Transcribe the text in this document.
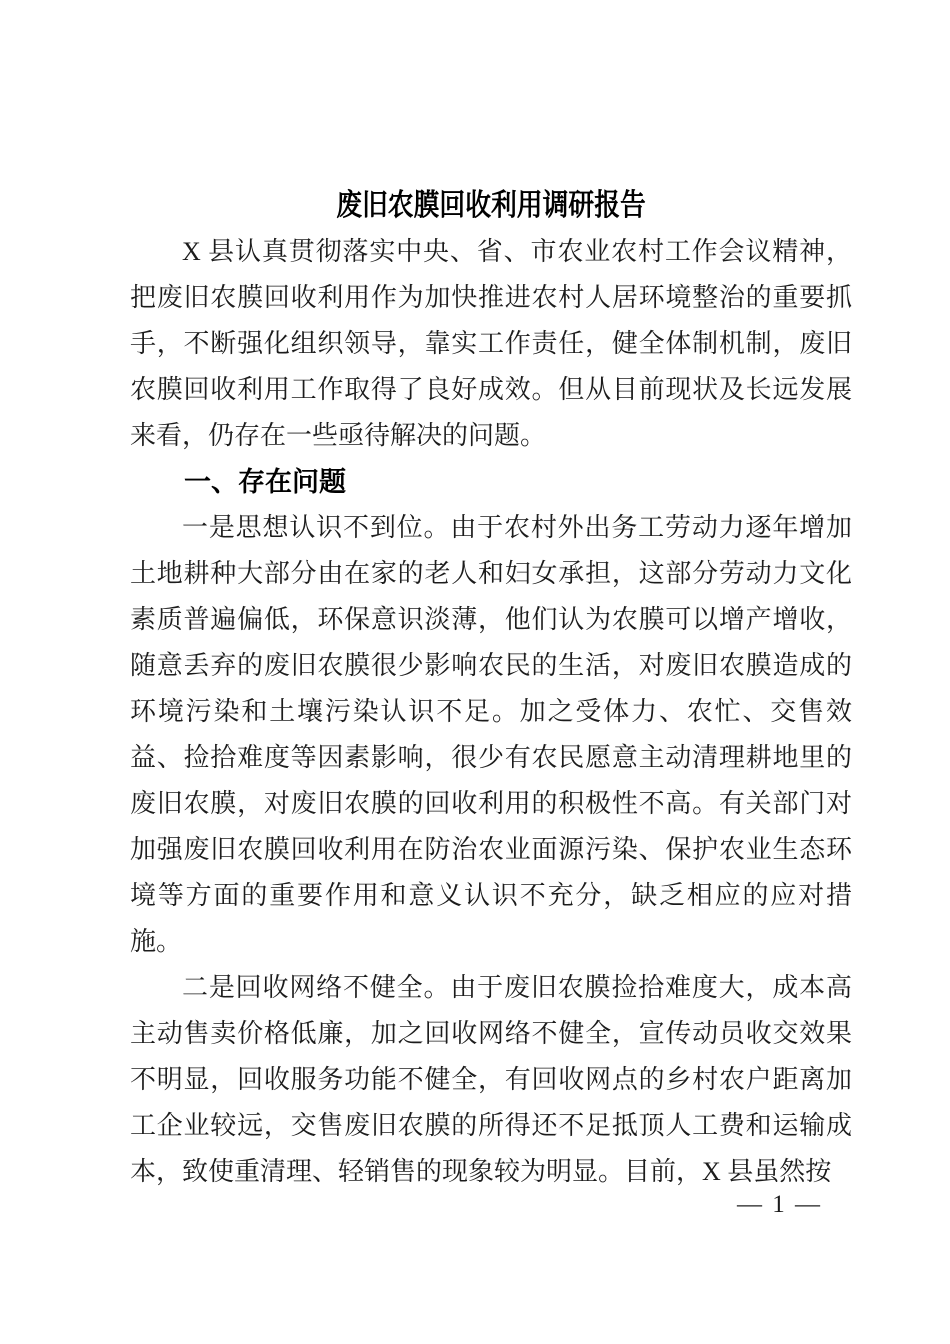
废旧农膜回收利用调研报告

X 县认真贯彻落实中央、省、市农业农村工作会议精神，把废旧农膜回收利用作为加快推进农村人居环境整治的重要抓手，不断强化组织领导，靠实工作责任，健全体制机制，废旧农膜回收利用工作取得了良好成效。但从目前现状及长远发展来看，仍存在一些亟待解决的问题。

一、存在问题

一是思想认识不到位。由于农村外出务工劳动力逐年增加土地耕种大部分由在家的老人和妇女承担，这部分劳动力文化素质普遍偏低，环保意识淡薄，他们认为农膜可以增产增收，随意丢弃的废旧农膜很少影响农民的生活，对废旧农膜造成的环境污染和土壤污染认识不足。加之受体力、农忙、交售效益、捡拾难度等因素影响，很少有农民愿意主动清理耕地里的废旧农膜，对废旧农膜的回收利用的积极性不高。有关部门对加强废旧农膜回收利用在防治农业面源污染、保护农业生态环境等方面的重要作用和意义认识不充分，缺乏相应的应对措施。

二是回收网络不健全。由于废旧农膜捡拾难度大，成本高主动售卖价格低廉，加之回收网络不健全，宣传动员收交效果不明显，回收服务功能不健全，有回收网点的乡村农户距离加工企业较远，交售废旧农膜的所得还不足抵顶人工费和运输成本，致使重清理、轻销售的现象较为明显。目前，X 县虽然按

— 1 —
